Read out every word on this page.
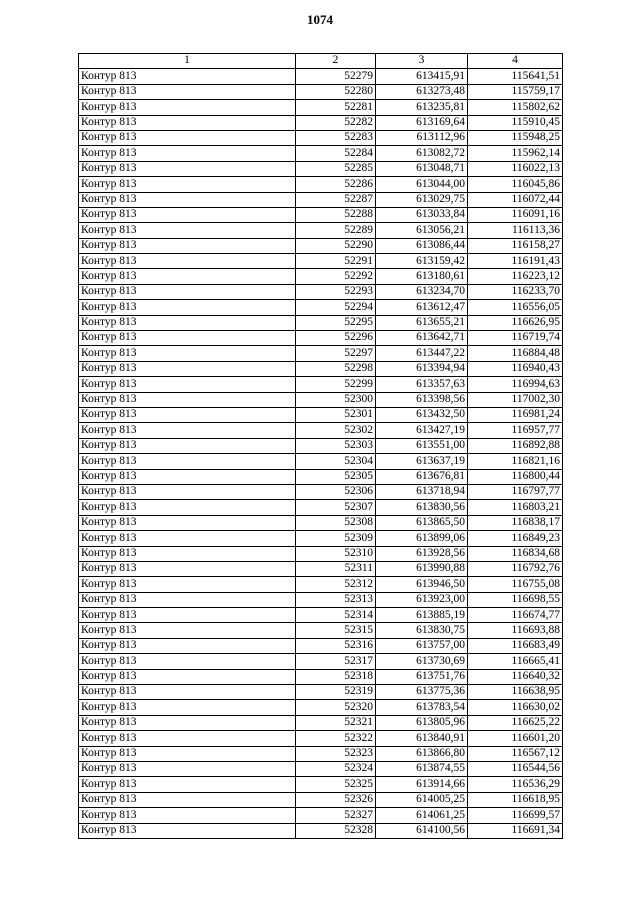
1074
1	2	3	4
Контур 813	52279	613415,91	115641,51
Контур 813	52280	613273,48	115759,17
Контур 813	52281	613235,81	115802,62
Контур 813	52282	613169,64	115910,45
Контур 813	52283	613112,96	115948,25
Контур 813	52284	613082,72	115962,14
Контур 813	52285	613048,71	116022,13
Контур 813	52286	613044,00	116045,86
Контур 813	52287	613029,75	116072,44
Контур 813	52288	613033,84	116091,16
Контур 813	52289	613056,21	116113,36
Контур 813	52290	613086,44	116158,27
Контур 813	52291	613159,42	116191,43
Контур 813	52292	613180,61	116223,12
Контур 813	52293	613234,70	116233,70
Контур 813	52294	613612,47	116556,05
Контур 813	52295	613655,21	116626,95
Контур 813	52296	613642,71	116719,74
Контур 813	52297	613447,22	116884,48
Контур 813	52298	613394,94	116940,43
Контур 813	52299	613357,63	116994,63
Контур 813	52300	613398,56	117002,30
Контур 813	52301	613432,50	116981,24
Контур 813	52302	613427,19	116957,77
Контур 813	52303	613551,00	116892,88
Контур 813	52304	613637,19	116821,16
Контур 813	52305	613676,81	116800,44
Контур 813	52306	613718,94	116797,77
Контур 813	52307	613830,56	116803,21
Контур 813	52308	613865,50	116838,17
Контур 813	52309	613899,06	116849,23
Контур 813	52310	613928,56	116834,68
Контур 813	52311	613990,88	116792,76
Контур 813	52312	613946,50	116755,08
Контур 813	52313	613923,00	116698,55
Контур 813	52314	613885,19	116674,77
Контур 813	52315	613830,75	116693,88
Контур 813	52316	613757,00	116683,49
Контур 813	52317	613730,69	116665,41
Контур 813	52318	613751,76	116640,32
Контур 813	52319	613775,36	116638,95
Контур 813	52320	613783,54	116630,02
Контур 813	52321	613805,96	116625,22
Контур 813	52322	613840,91	116601,20
Контур 813	52323	613866,80	116567,12
Контур 813	52324	613874,55	116544,56
Контур 813	52325	613914,66	116536,29
Контур 813	52326	614005,25	116618,95
Контур 813	52327	614061,25	116699,57
Контур 813	52328	614100,56	116691,34
